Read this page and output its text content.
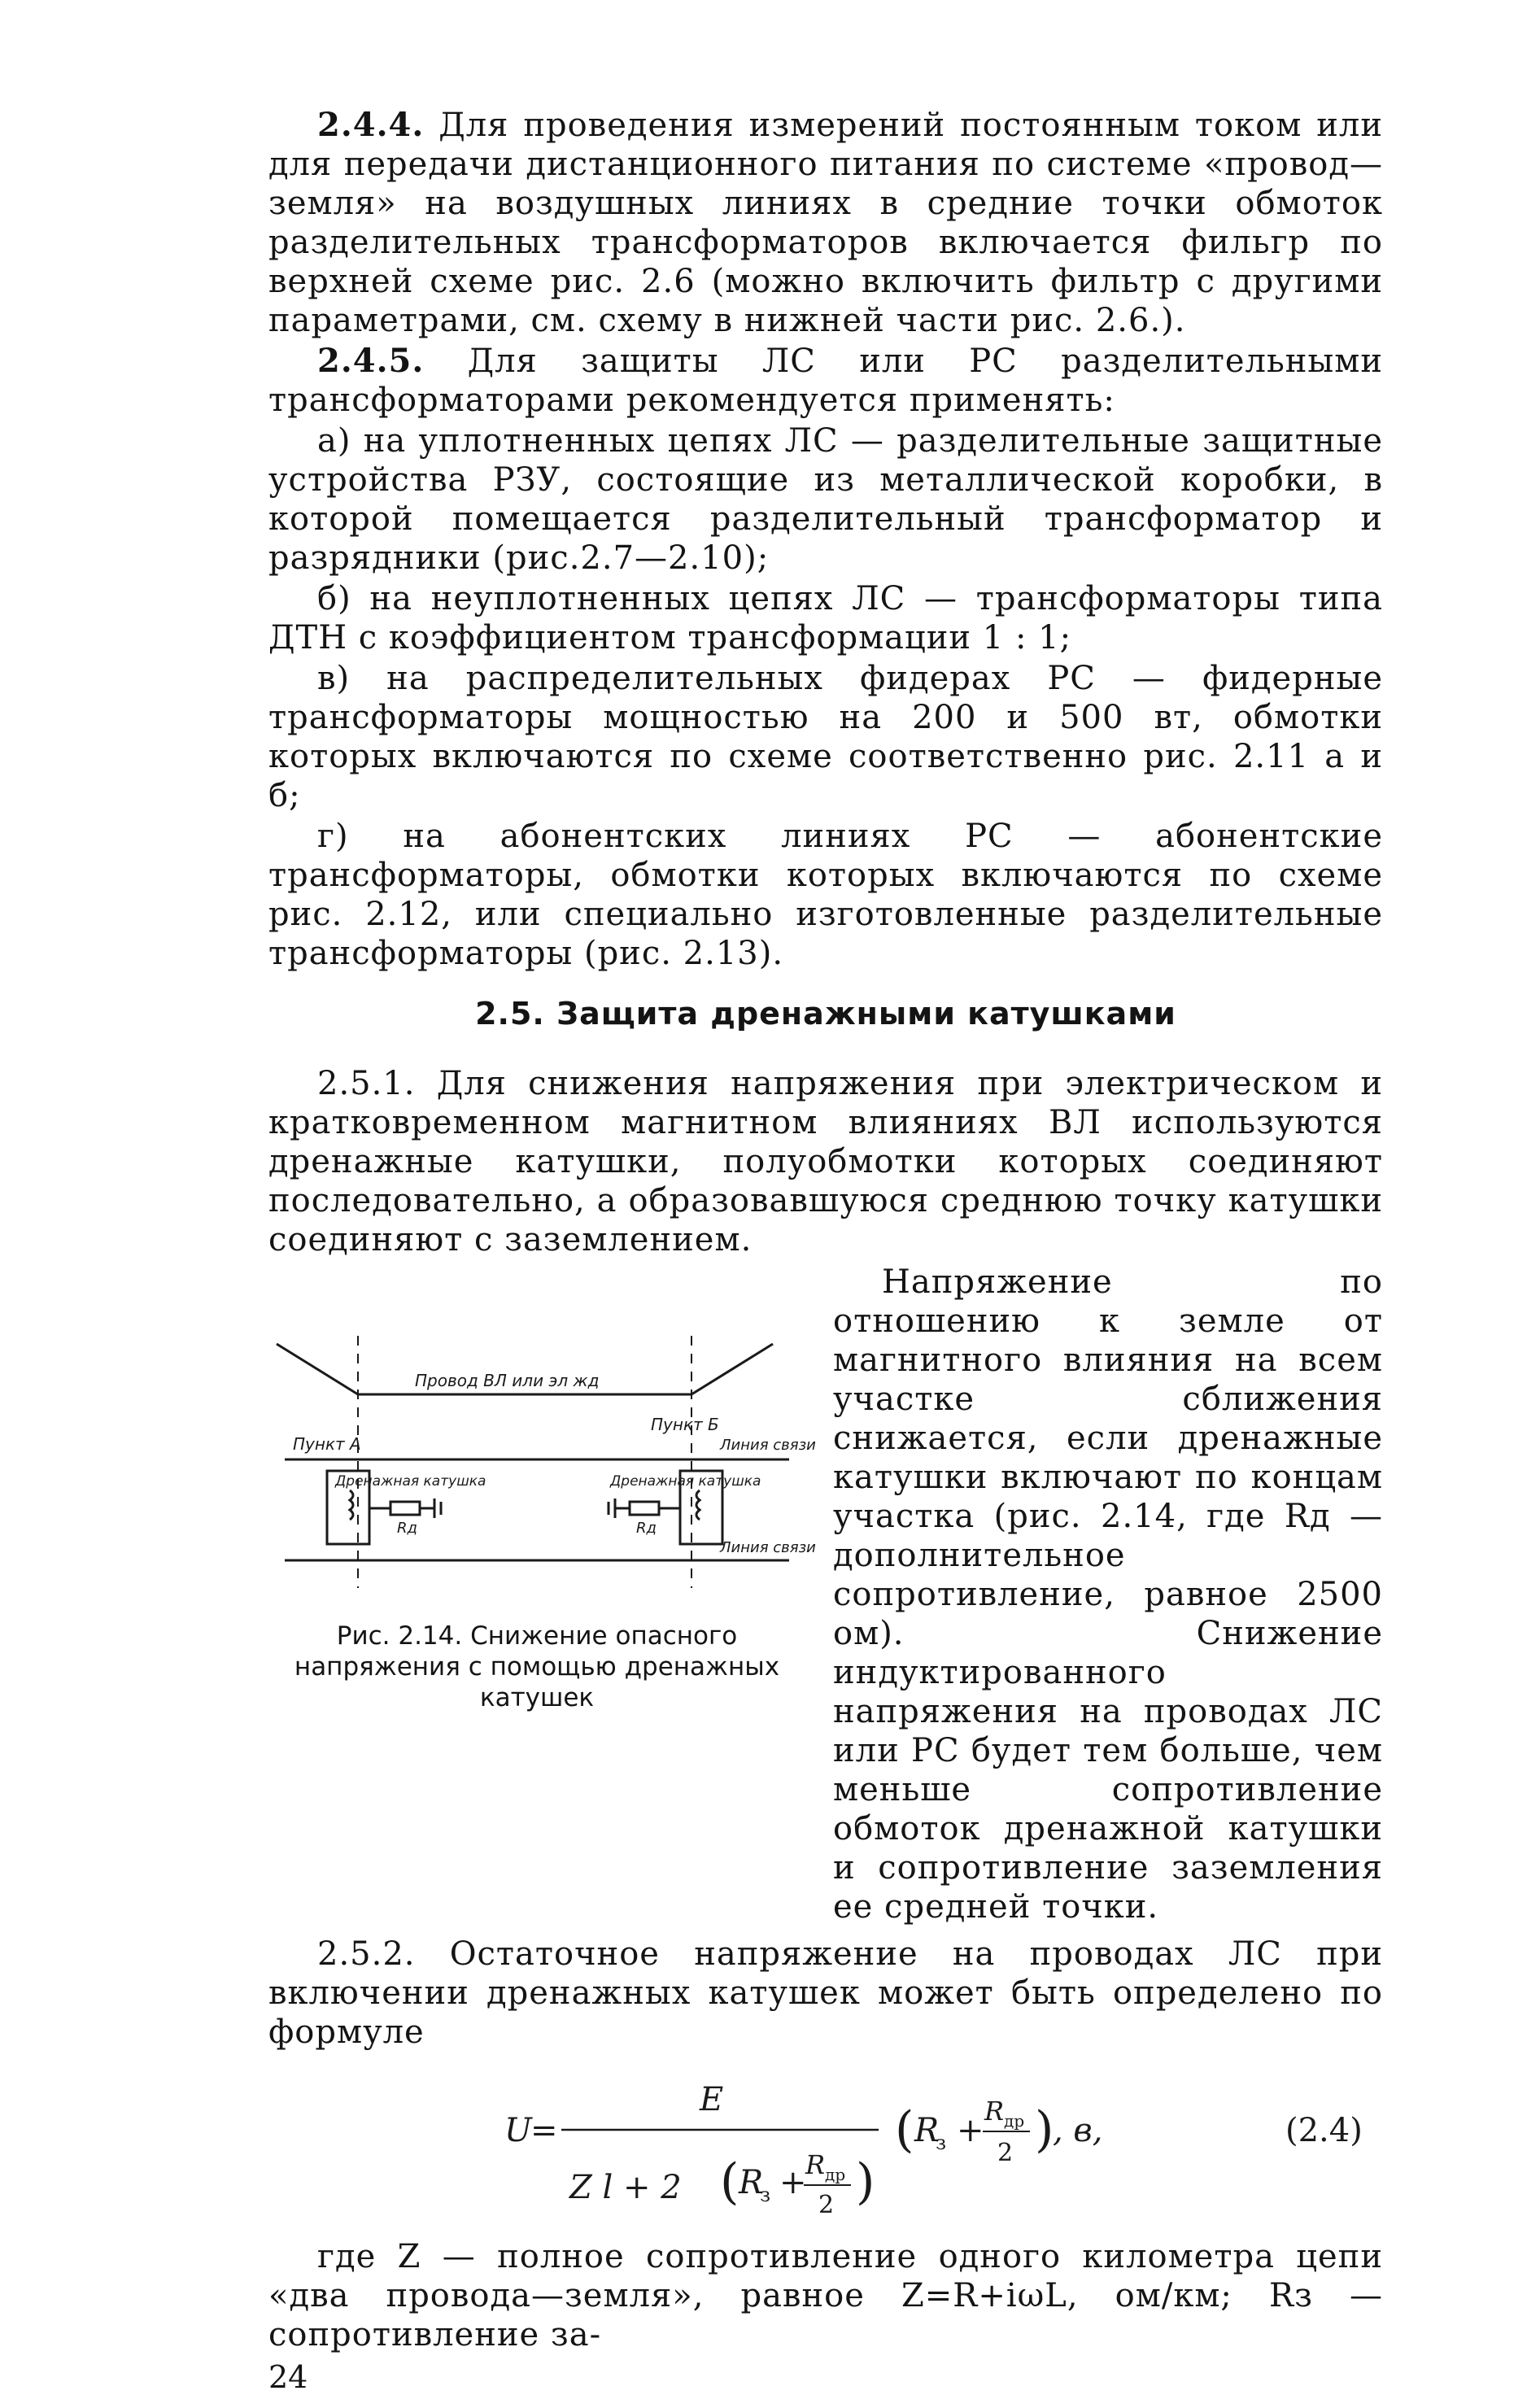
2.4.4. Для проведения измерений постоянным током или для передачи дистанционного питания по системе «провод—земля» на воздушных линиях в средние точки обмоток разделительных трансформаторов включается фильгр по верхней схеме рис. 2.6 (можно включить фильтр с другими параметрами, см. схему в нижней части рис. 2.6.).

2.4.5. Для защиты ЛС или РС разделительными трансформаторами рекомендуется применять:

а) на уплотненных цепях ЛС — разделительные защитные устройства РЗУ, состоящие из металлической коробки, в которой помещается разделительный трансформатор и разрядники (рис.2.7—2.10);

б) на неуплотненных цепях ЛС — трансформаторы типа ДТН с коэффициентом трансформации 1 : 1;

в) на распределительных фидерах РС — фидерные трансформаторы мощностью на 200 и 500 вт, обмотки которых включаются по схеме соответственно рис. 2.11 а и б;

г) на абонентских линиях РС — абонентские трансформаторы, обмотки которых включаются по схеме рис. 2.12, или специально изготовленные разделительные трансформаторы (рис. 2.13).

2.5. Защита дренажными катушками

2.5.1. Для снижения напряжения при электрическом и кратковременном магнитном влияниях ВЛ используются дренажные катушки, полуобмотки которых соединяют последовательно, а образовавшуюся среднюю точку катушки соединяют с заземлением.

Провод ВЛ или эл жд
Пункт А
Пункт Б
Линия связи
Линия связи
Дренажная катушка	Дренажная катушка
Rд	Rд
Рис. 2.14. Снижение опасного напряжения с помощью дренажных катушек

Напряжение по отношению к земле от магнитного влияния на всем участке сближения снижается, если дренажные катушки включают по концам участка (рис. 2.14, где Rд — дополнительное сопротивление, равное 2500 ом). Снижение индуктированного напряжения на проводах ЛС или РС будет тем больше, чем меньше сопротивление обмоток дренажной катушки и сопротивление заземления ее средней точки.

2.5.2. Остаточное напряжение на проводах ЛС при включении дренажных катушек может быть определено по формуле

U
=
E
Z l + 2 ( R
з +
R др
2 )
( R
з +
R др
2 )
, в,	(2.4)

где Z — полное сопротивление одного километра цепи «два провода—земля», равное Z=R+iωL, ом/км; Rз — сопротивление за-

24
